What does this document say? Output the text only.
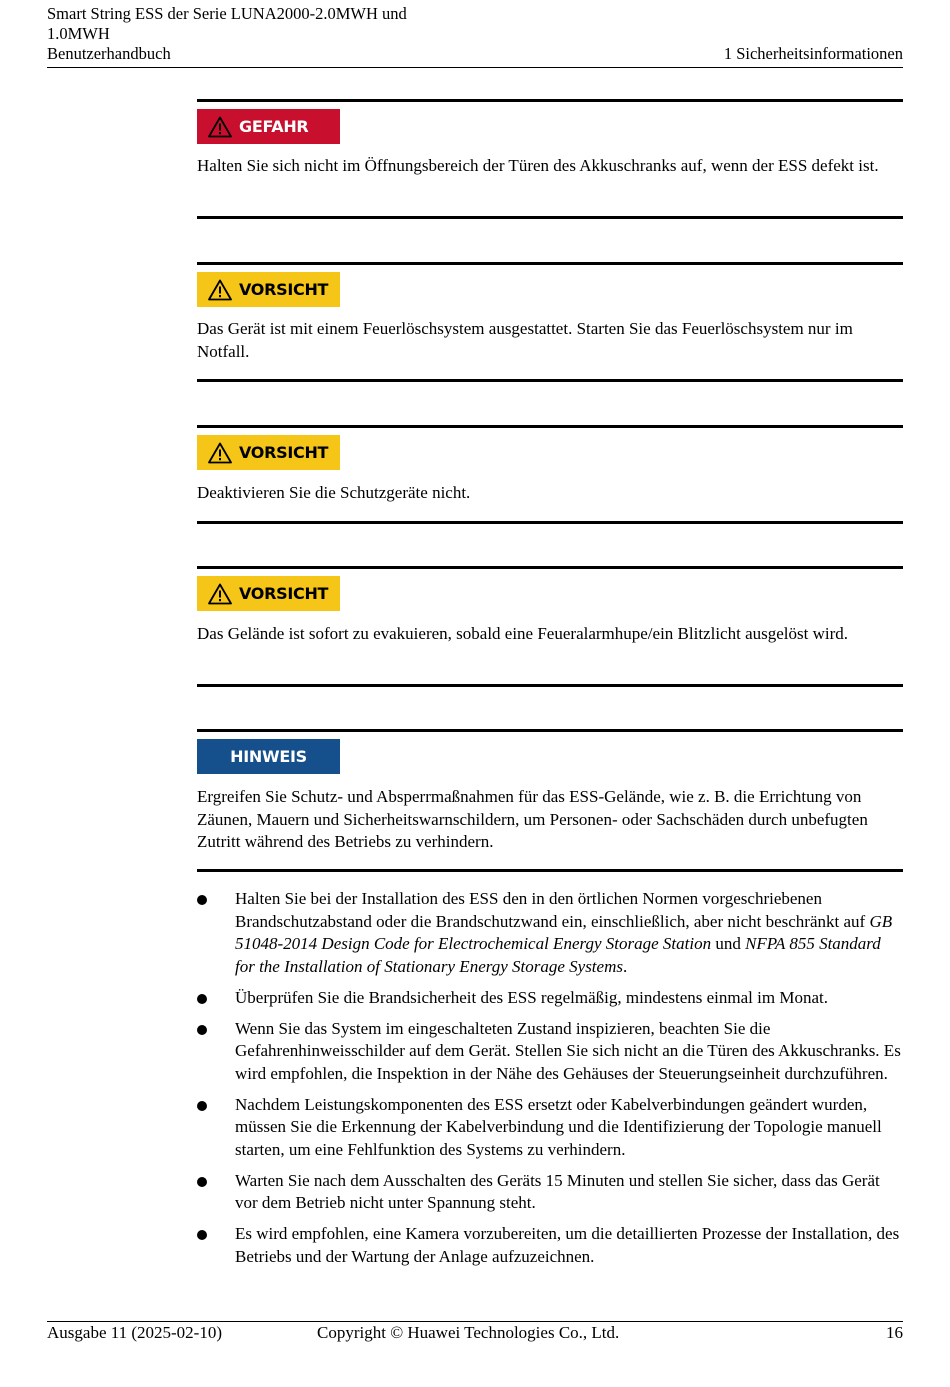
Smart String ESS der Serie LUNA2000-2.0MWH und 1.0MWH
Benutzerhandbuch	1 Sicherheitsinformationen
GEFAHR
Halten Sie sich nicht im Öffnungsbereich der Türen des Akkuschranks auf, wenn der ESS defekt ist.
VORSICHT
Das Gerät ist mit einem Feuerlöschsystem ausgestattet. Starten Sie das Feuerlöschsystem nur im Notfall.
VORSICHT
Deaktivieren Sie die Schutzgeräte nicht.
VORSICHT
Das Gelände ist sofort zu evakuieren, sobald eine Feueralarmhupe/ein Blitzlicht ausgelöst wird.
HINWEIS
Ergreifen Sie Schutz- und Absperrmaßnahmen für das ESS-Gelände, wie z. B. die Errichtung von Zäunen, Mauern und Sicherheitswarnschildern, um Personen- oder Sachschäden durch unbefugten Zutritt während des Betriebs zu verhindern.
Halten Sie bei der Installation des ESS den in den örtlichen Normen vorgeschriebenen Brandschutzabstand oder die Brandschutzwand ein, einschließlich, aber nicht beschränkt auf GB 51048-2014 Design Code for Electrochemical Energy Storage Station und NFPA 855 Standard for the Installation of Stationary Energy Storage Systems.
Überprüfen Sie die Brandsicherheit des ESS regelmäßig, mindestens einmal im Monat.
Wenn Sie das System im eingeschalteten Zustand inspizieren, beachten Sie die Gefahrenhinweisschilder auf dem Gerät. Stellen Sie sich nicht an die Türen des Akkuschranks. Es wird empfohlen, die Inspektion in der Nähe des Gehäuses der Steuerungseinheit durchzuführen.
Nachdem Leistungskomponenten des ESS ersetzt oder Kabelverbindungen geändert wurden, müssen Sie die Erkennung der Kabelverbindung und die Identifizierung der Topologie manuell starten, um eine Fehlfunktion des Systems zu verhindern.
Warten Sie nach dem Ausschalten des Geräts 15 Minuten und stellen Sie sicher, dass das Gerät vor dem Betrieb nicht unter Spannung steht.
Es wird empfohlen, eine Kamera vorzubereiten, um die detaillierten Prozesse der Installation, des Betriebs und der Wartung der Anlage aufzuzeichnen.
Ausgabe 11 (2025-02-10)	Copyright © Huawei Technologies Co., Ltd.	16
